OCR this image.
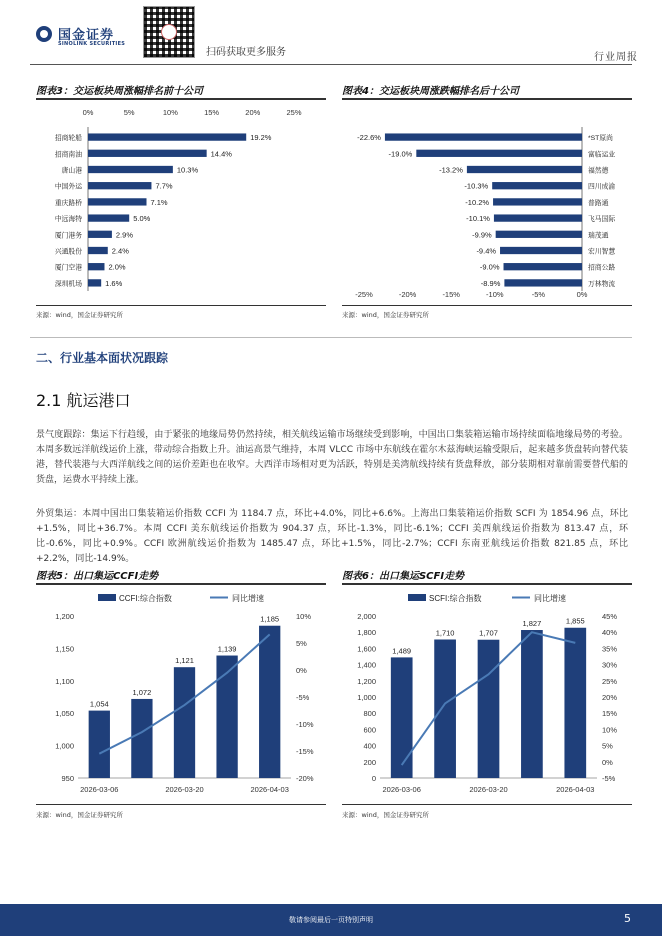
国金证券
SINOLINK SECURITIES
扫码获取更多服务	行业周报
图表3：交运板块周涨幅排名前十公司
0%	5%	10%	15%	20%	25%
19.2%
招商轮船
14.4%
招商南油
10.3%
唐山港
7.7%
中国外运
7.1%
重庆路桥
5.0%
中远海特
2.9%
厦门港务
2.4%
兴通股份
2.0%
厦门空港
1.6%
深圳机场
来源：wind，国金证券研究所
图表4：交运板块周涨跌幅排名后十公司
-25%	-20%	-15%	-10%	-5%	0%
-22.6%	*ST原尚
-19.0%	富临运业
-13.2%	福然德
-10.3%	四川成渝
-10.2%	普路通
-10.1%	飞马国际
-9.9%	瑞茂通
-9.4%	宏川智慧
-9.0%	招商公路
-8.9%	万林物流
来源：wind，国金证券研究所
二、行业基本面状况跟踪
2.1 航运港口
景气度跟踪：集运下行趋缓，由于紧张的地缘局势仍然持续，相关航线运输市场继续受到影响，中国出口集装箱运输市场持续面临地缘局势的考验。本周多数远洋航线运价上涨，带动综合指数上升。油运高景气维持，本周 VLCC 市场中东航线在霍尔木兹海峡运输受限后，起来越多货盘转向替代装港，替代装港与大西洋航线之间的运价差距也在收窄。大西洋市场相对更为活跃，特别是美湾航线持续有货盘释放，部分装期相对靠前需要替代船的货盘，运费水平持续上涨。
外贸集运：本周中国出口集装箱运价指数 CCFI 为 1184.7 点，环比+4.0%，同比+6.6%。上海出口集装箱运价指数 SCFI 为 1854.96 点，环比+1.5%，同比+36.7%。本周 CCFI 美东航线运价指数为 904.37 点，环比-1.3%，同比-6.1%；CCFI 美西航线运价指数为 813.47 点，环比-0.6%，同比+0.9%。CCFI 欧洲航线运价指数为 1485.47 点，环比+1.5%，同比-2.7%；CCFI 东南亚航线运价指数 821.85 点，环比+2.2%，同比-14.9%。
图表5：出口集运CCFI走势
CCFI:综合指数	同比增速
950
1,000
1,050
1,100
1,150
1,200
-20%
-15%
-10%
-5%
0%
5%
10%
1,054
1,072
1,121
1,139
1,185
2026-03-06	2026-03-20	2026-04-03
来源：wind，国金证券研究所
图表6：出口集运SCFI走势
SCFI:综合指数	同比增速
0
200
400
600
800
1,000
1,200
1,400
1,600
1,800
2,000
-5%
0%
5%
10%
15%
20%
25%
30%
35%
40%
45%
1,489
1,710	1,707
1,827	1,855
2026-03-06	2026-03-20	2026-04-03
来源：wind，国金证券研究所
敬请参阅最后一页特别声明	5
